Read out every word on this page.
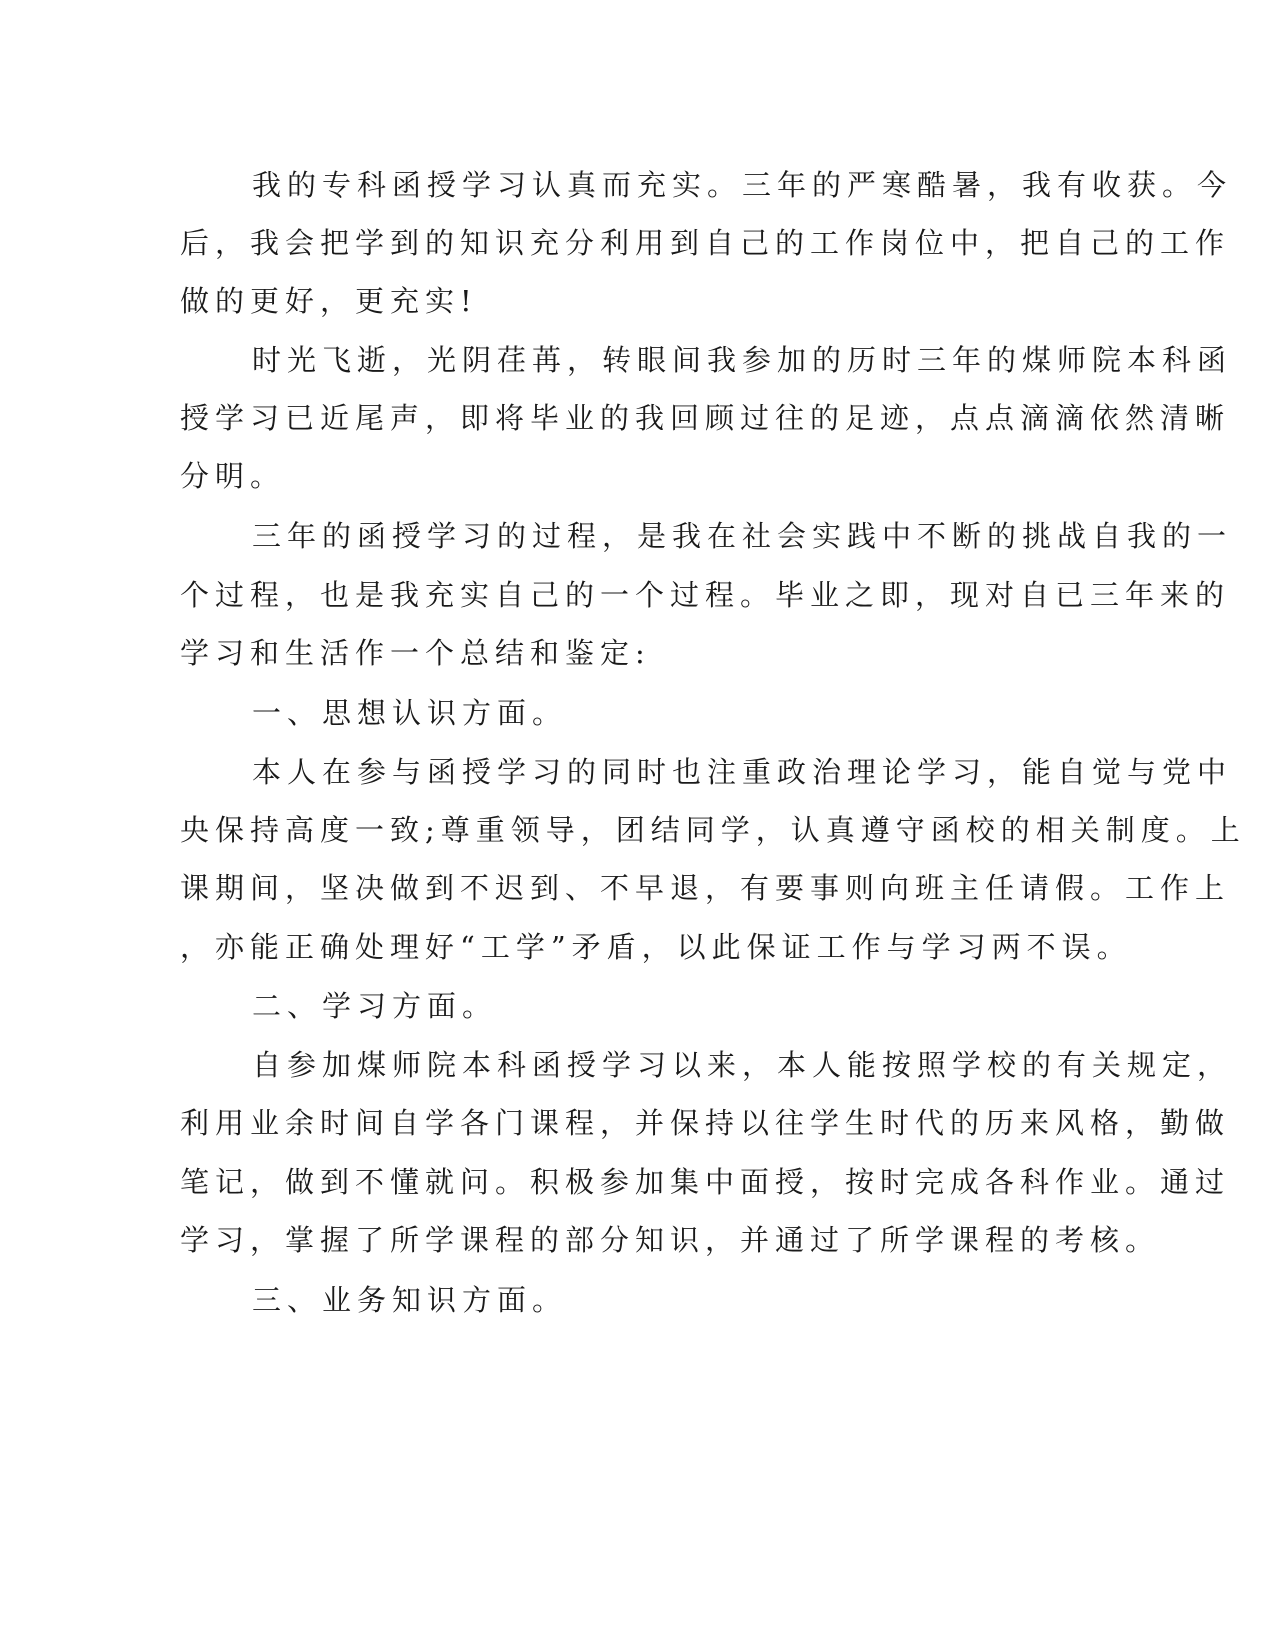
我的专科函授学习认真而充实。三年的严寒酷暑，我有收获。今
后，我会把学到的知识充分利用到自己的工作岗位中，把自己的工作
做的更好，更充实!
时光飞逝，光阴荏苒，转眼间我参加的历时三年的煤师院本科函
授学习已近尾声，即将毕业的我回顾过往的足迹，点点滴滴依然清晰
分明。
三年的函授学习的过程，是我在社会实践中不断的挑战自我的一
个过程，也是我充实自己的一个过程。毕业之即，现对自已三年来的
学习和生活作一个总结和鉴定:
一、思想认识方面。
本人在参与函授学习的同时也注重政治理论学习，能自觉与党中
央保持高度一致;尊重领导，团结同学，认真遵守函校的相关制度。上
课期间，坚决做到不迟到、不早退，有要事则向班主任请假。工作上
，亦能正确处理好“工学”矛盾，以此保证工作与学习两不误。
二、学习方面。
自参加煤师院本科函授学习以来，本人能按照学校的有关规定，
利用业余时间自学各门课程，并保持以往学生时代的历来风格，勤做
笔记，做到不懂就问。积极参加集中面授，按时完成各科作业。通过
学习，掌握了所学课程的部分知识，并通过了所学课程的考核。
三、业务知识方面。
